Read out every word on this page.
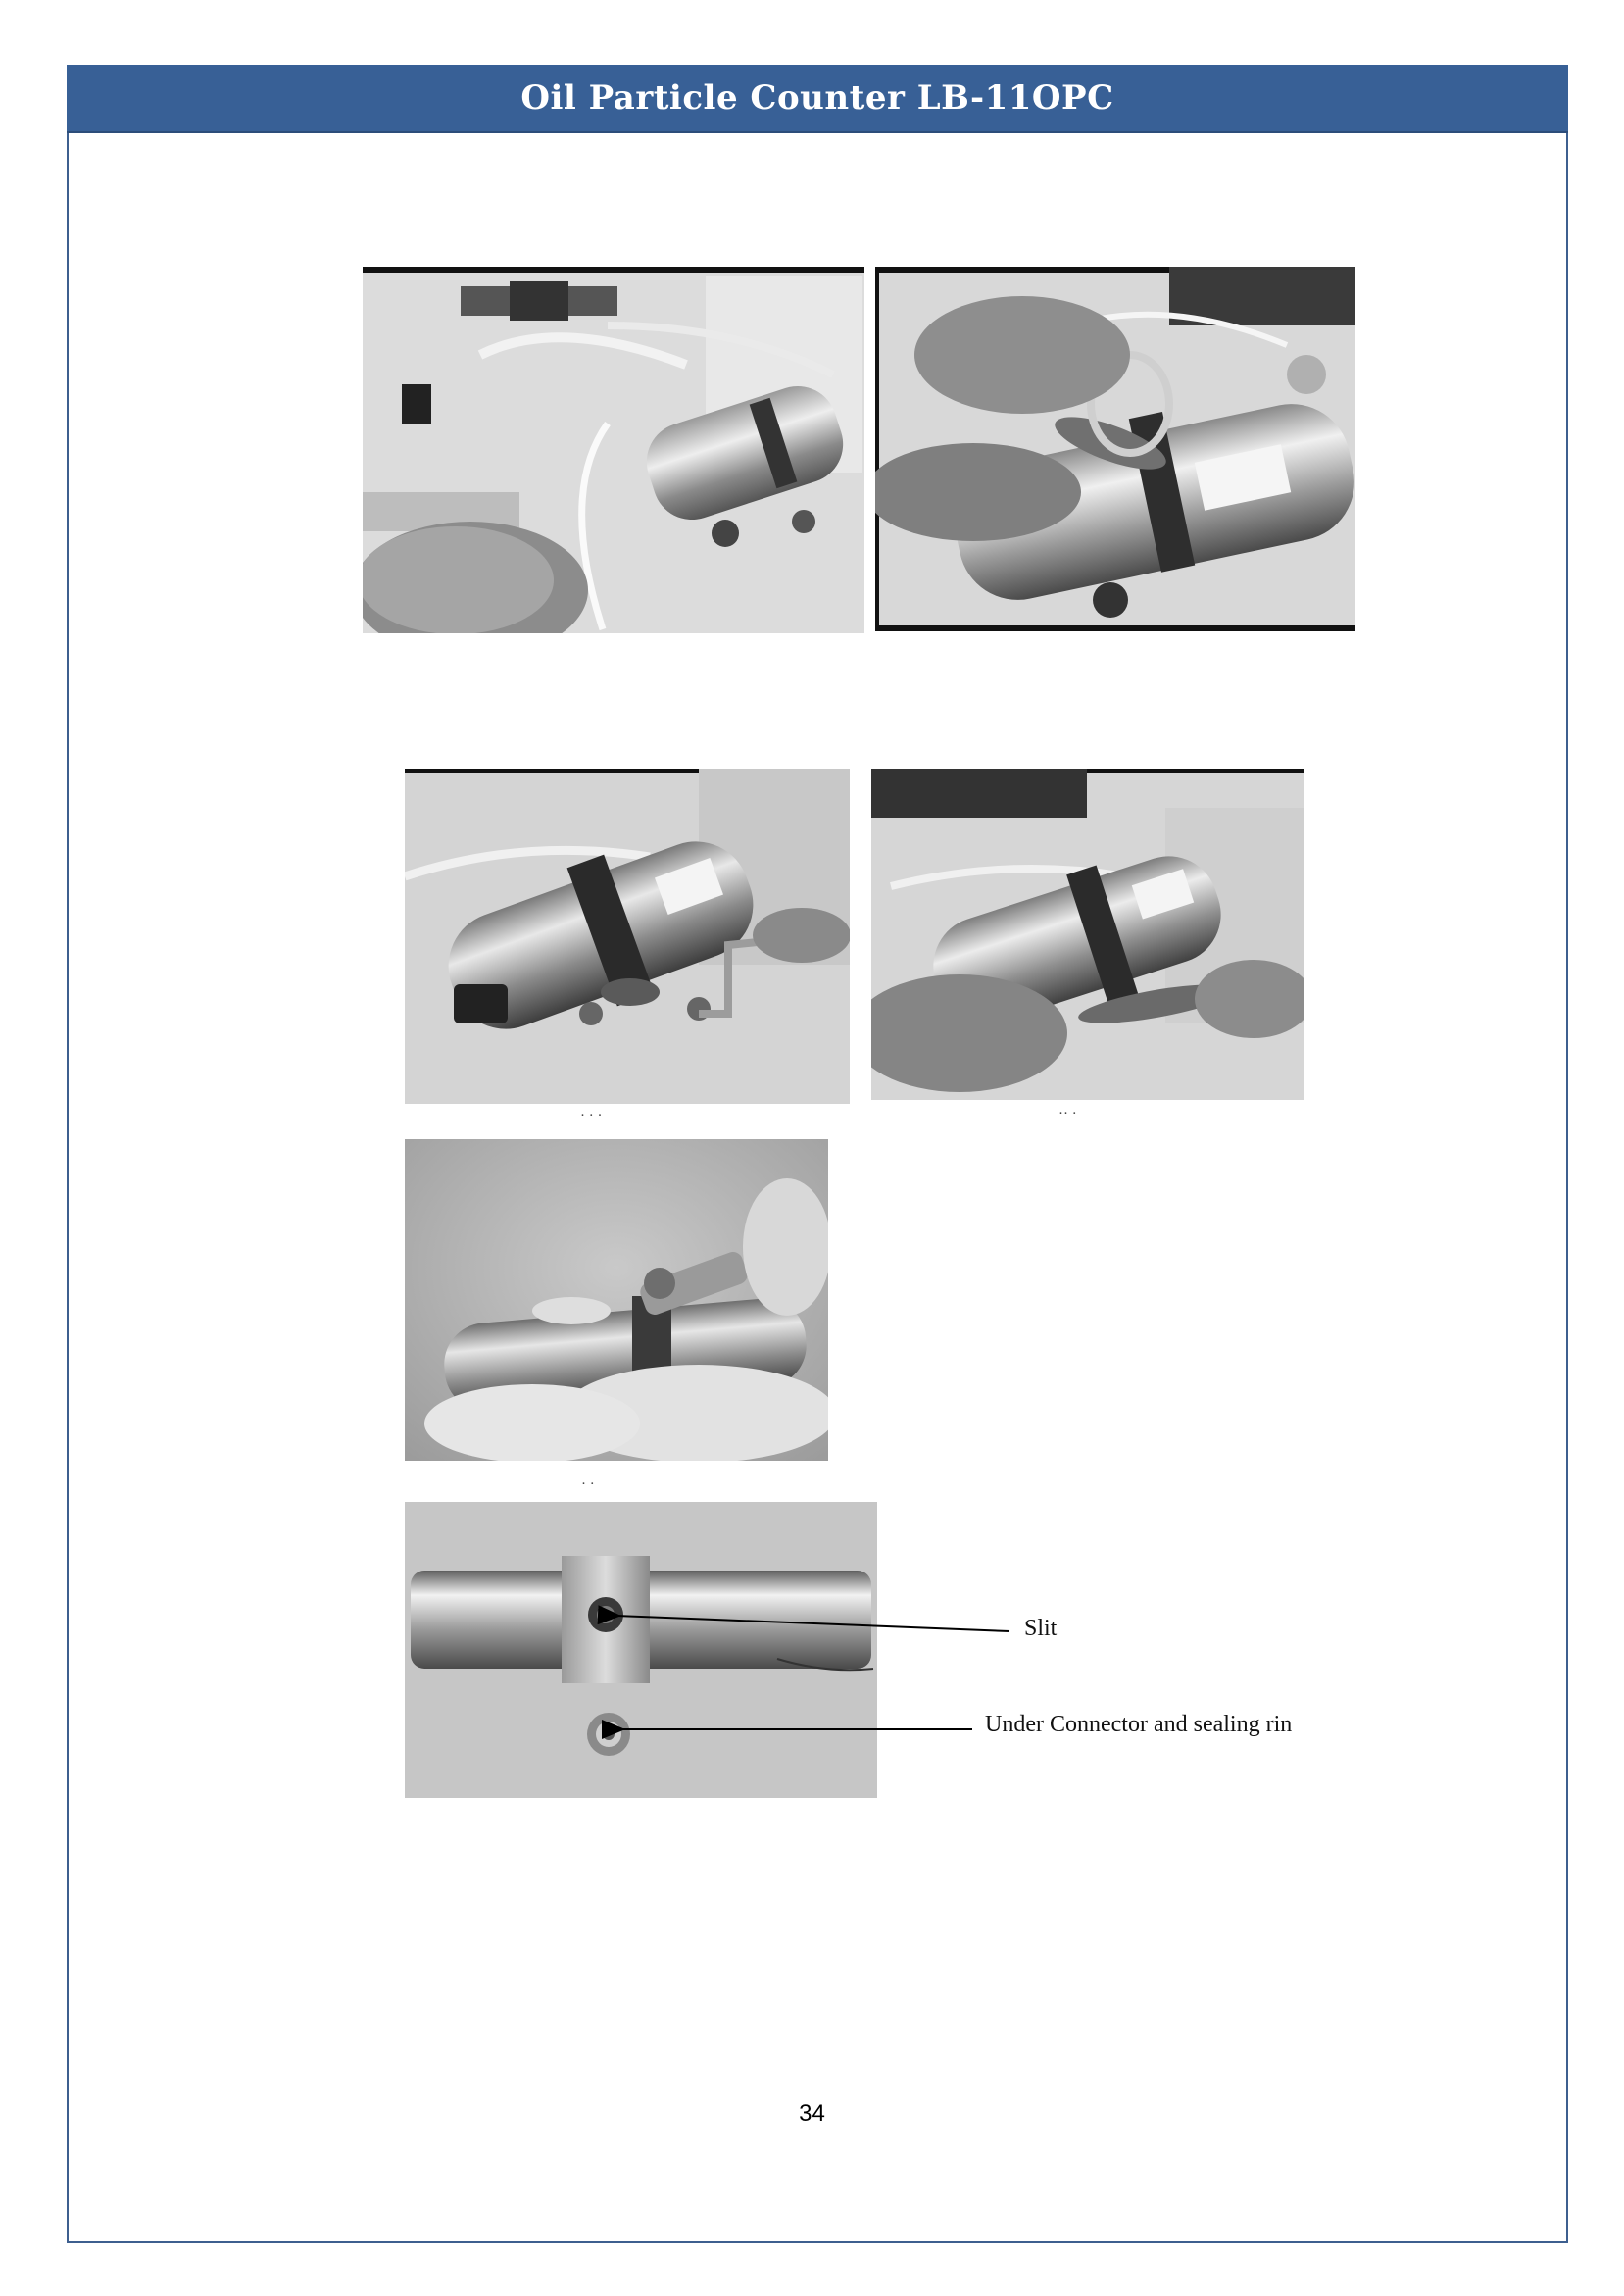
Oil Particle Counter LB-11OPC
· · ·	·· ·
· ·
Slit
Under Connector and sealing rin
34
